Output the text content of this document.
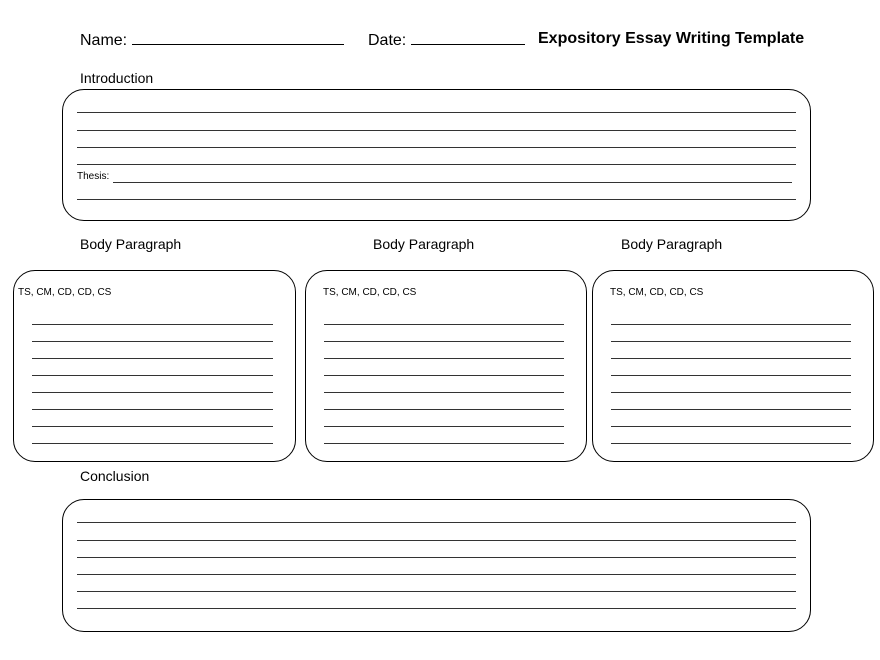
Name:	Date:	Expository Essay Writing Template
Introduction
Thesis:
Body Paragraph	Body Paragraph	Body Paragraph
TS, CM, CD, CD, CS	TS, CM, CD, CD, CS	TS, CM, CD, CD, CS
Conclusion
